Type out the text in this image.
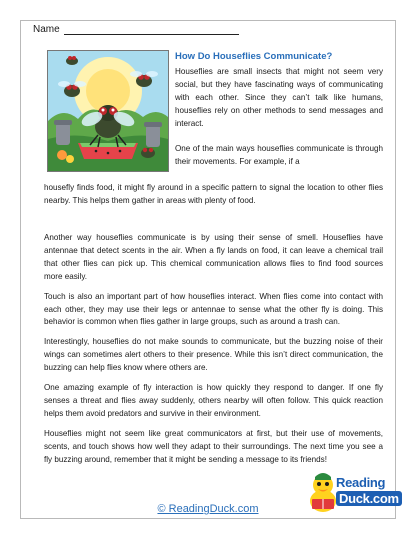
Name
How Do Houseflies Communicate?

Houseflies are small insects that might not seem very social, but they have fascinating ways of communicating with each other. Since they can’t talk like humans, houseflies rely on other methods to send messages and interact.

One of the main ways houseflies communicate is through their movements. For example, if a

housefly finds food, it might fly around in a specific pattern to signal the location to other flies nearby. This helps them gather in areas with plenty of food.

Another way houseflies communicate is by using their sense of smell. Houseflies have antennae that detect scents in the air. When a fly lands on food, it can leave a chemical trail that other flies can pick up. This chemical communication allows flies to find food sources more easily.

Touch is also an important part of how houseflies interact. When flies come into contact with each other, they may use their legs or antennae to sense what the other fly is doing. This behavior is common when flies gather in large groups, such as around a trash can.

Interestingly, houseflies do not make sounds to communicate, but the buzzing noise of their wings can sometimes alert others to their presence. While this isn’t direct communication, the buzzing can help flies know where others are.

One amazing example of fly interaction is how quickly they respond to danger. If one fly senses a threat and flies away suddenly, others nearby will often follow. This quick reaction helps them avoid predators and survive in their environment.

Houseflies might not seem like great communicators at first, but their use of movements, scents, and touch shows how well they adapt to their surroundings. The next time you see a fly buzzing around, remember that it might be sending a message to its friends!

Reading
Duck.com
© ReadingDuck.com
